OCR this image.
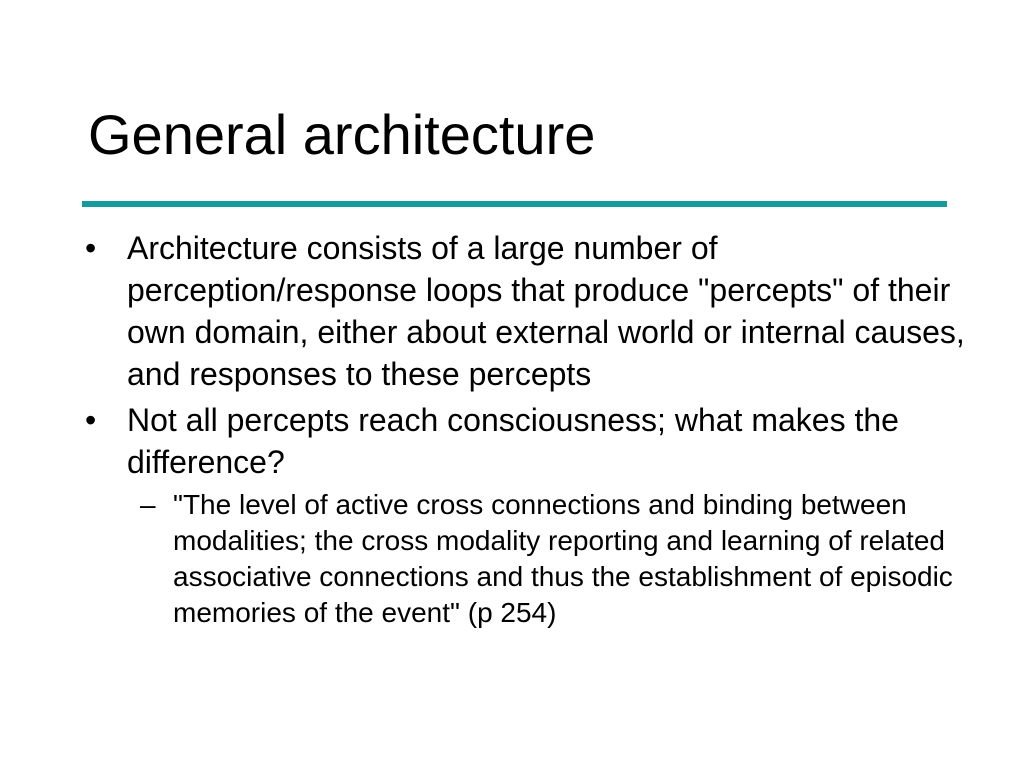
General architecture
• Architecture consists of a large number of perception/response loops that produce "percepts" of their own domain, either about external world or internal causes, and responses to these percepts
• Not all percepts reach consciousness; what makes the difference?
– "The level of active cross connections and binding between modalities; the cross modality reporting and learning of related associative connections and thus the establishment of episodic memories of the event" (p 254)
